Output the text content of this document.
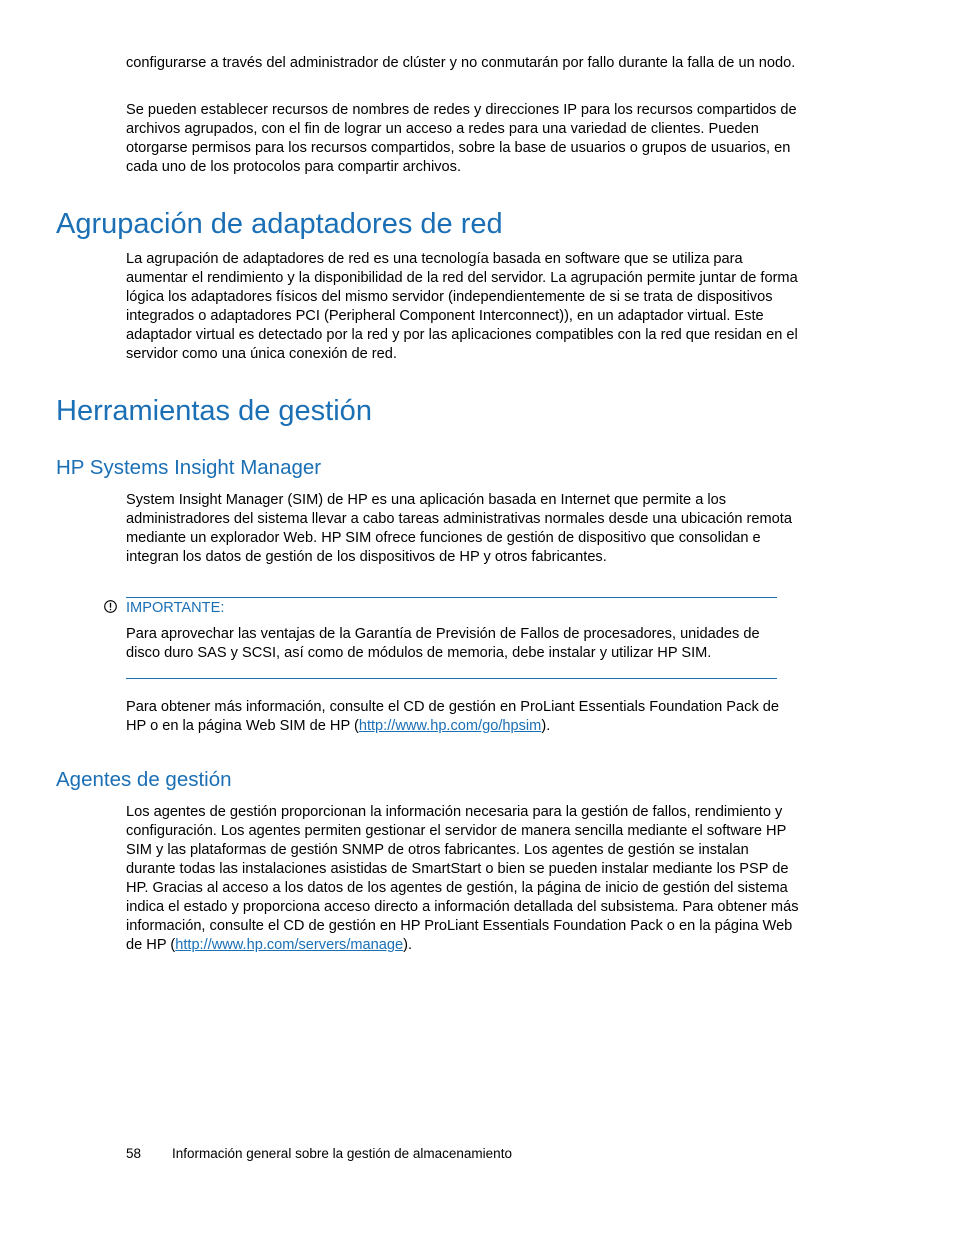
configurarse a través del administrador de clúster y no conmutarán por fallo durante la falla de un nodo.

Se pueden establecer recursos de nombres de redes y direcciones IP para los recursos compartidos de archivos agrupados, con el fin de lograr un acceso a redes para una variedad de clientes. Pueden otorgarse permisos para los recursos compartidos, sobre la base de usuarios o grupos de usuarios, en cada uno de los protocolos para compartir archivos.

Agrupación de adaptadores de red

La agrupación de adaptadores de red es una tecnología basada en software que se utiliza para aumentar el rendimiento y la disponibilidad de la red del servidor. La agrupación permite juntar de forma lógica los adaptadores físicos del mismo servidor (independientemente de si se trata de dispositivos integrados o adaptadores PCI (Peripheral Component Interconnect)), en un adaptador virtual. Este adaptador virtual es detectado por la red y por las aplicaciones compatibles con la red que residan en el servidor como una única conexión de red.

Herramientas de gestión
HP Systems Insight Manager

System Insight Manager (SIM) de HP es una aplicación basada en Internet que permite a los administradores del sistema llevar a cabo tareas administrativas normales desde una ubicación remota mediante un explorador Web. HP SIM ofrece funciones de gestión de dispositivo que consolidan e integran los datos de gestión de los dispositivos de HP y otros fabricantes.

IMPORTANTE:

Para aprovechar las ventajas de la Garantía de Previsión de Fallos de procesadores, unidades de disco duro SAS y SCSI, así como de módulos de memoria, debe instalar y utilizar HP SIM.

Para obtener más información, consulte el CD de gestión en ProLiant Essentials Foundation Pack de HP o en la página Web SIM de HP (http://www.hp.com/go/hpsim).

Agentes de gestión

Los agentes de gestión proporcionan la información necesaria para la gestión de fallos, rendimiento y configuración. Los agentes permiten gestionar el servidor de manera sencilla mediante el software HP SIM y las plataformas de gestión SNMP de otros fabricantes. Los agentes de gestión se instalan durante todas las instalaciones asistidas de SmartStart o bien se pueden instalar mediante los PSP de HP. Gracias al acceso a los datos de los agentes de gestión, la página de inicio de gestión del sistema indica el estado y proporciona acceso directo a información detallada del subsistema. Para obtener más información, consulte el CD de gestión en HP ProLiant Essentials Foundation Pack o en la página Web de HP (http://www.hp.com/servers/manage).

58 Información general sobre la gestión de almacenamiento
